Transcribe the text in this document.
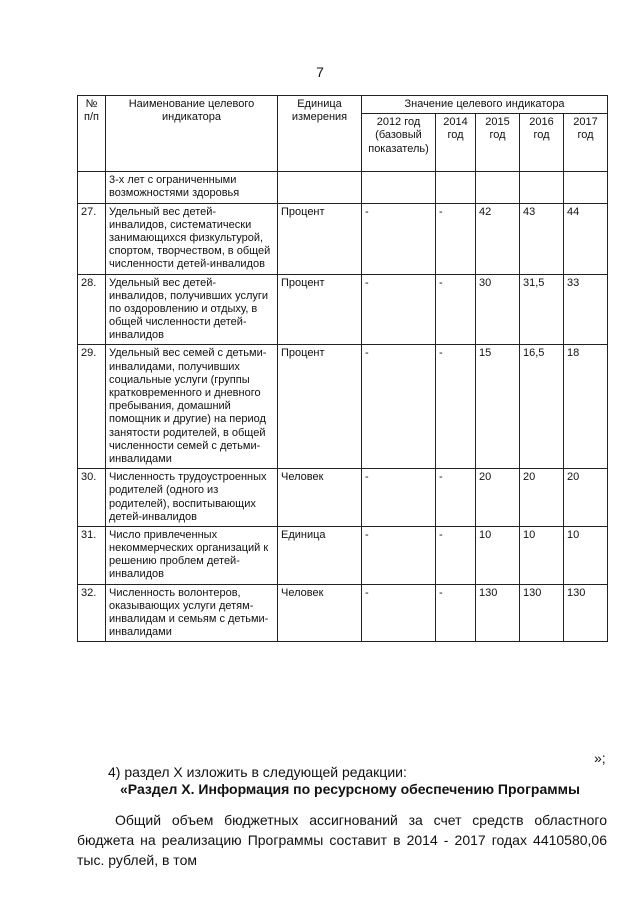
7
№ п/п	Наименование целевого индикатора	Единица измерения	Значение целевого индикатора				
			2012 год (базовый показатель)	2014 год	2015 год	2016 год	2017 год
	3-х лет с ограниченными возможностями здоровья						
27.	Удельный вес детей-инвалидов, систематически занимающихся физкультурой, спортом, творчеством, в общей численности детей-инвалидов	Процент	-	-	42	43	44
28.	Удельный вес детей-инвалидов, получивших услуги по оздоровлению и отдыху, в общей численности детей-инвалидов	Процент	-	-	30	31,5	33
29.	Удельный вес семей с детьми-инвалидами, получивших социальные услуги (группы кратковременного и дневного пребывания, домашний помощник и другие) на период занятости родителей, в общей численности семей с детьми-инвалидами	Процент	-	-	15	16,5	18
30.	Численность трудоустроенных родителей (одного из родителей), воспитывающих детей-инвалидов	Человек	-	-	20	20	20
31.	Число привлеченных некоммерческих организаций к решению проблем детей-инвалидов	Единица	-	-	10	10	10
32.	Численность волонтеров, оказывающих услуги детям-инвалидам и семьям с детьми-инвалидами	Человек	-	-	130	130	130
»;
4) раздел X изложить в следующей редакции:
«Раздел X. Информация по ресурсному обеспечению Программы

Общий объем бюджетных ассигнований за счет средств областного бюджета на реализацию Программы составит в 2014 - 2017 годах 4410580,06 тыс. рублей, в том
